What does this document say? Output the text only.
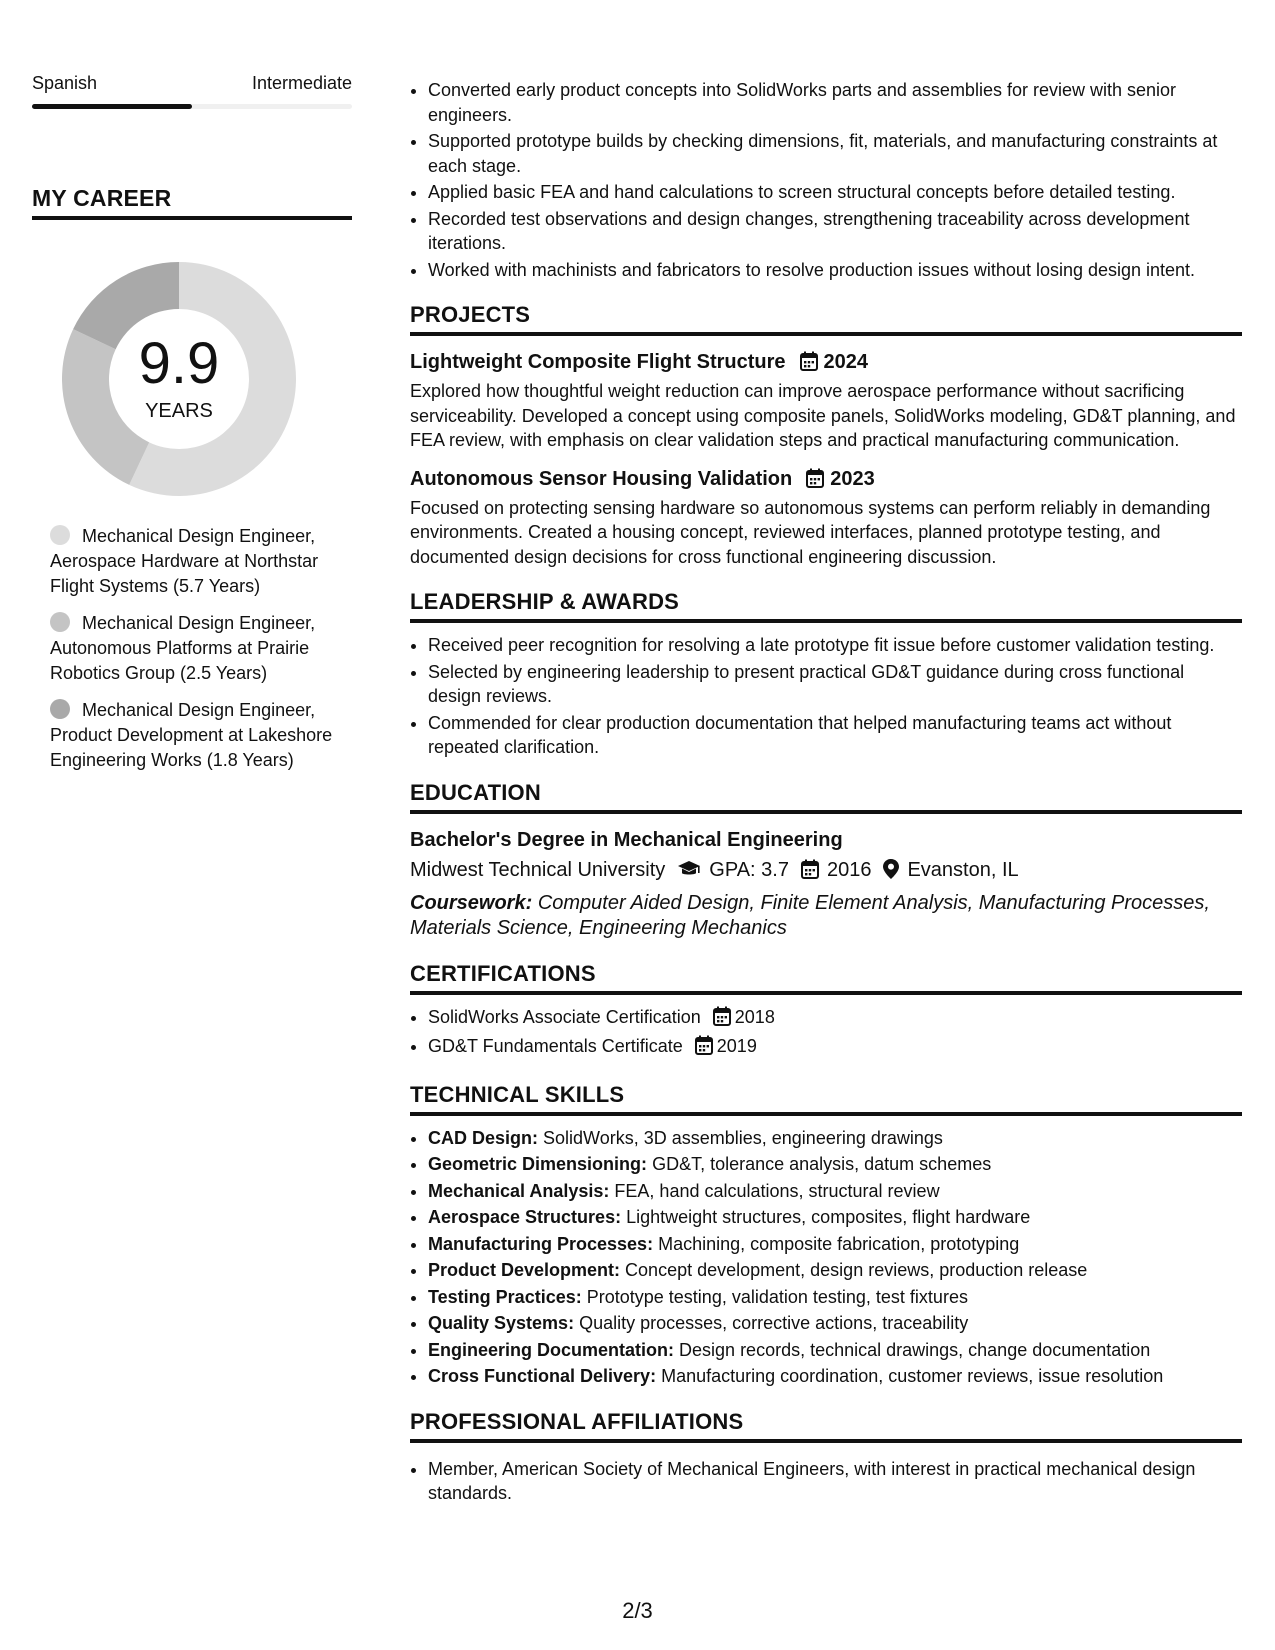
Spanish	Intermediate
MY CAREER
9.9
YEARS
Mechanical Design Engineer, Aerospace Hardware at Northstar Flight Systems (5.7 Years)
Mechanical Design Engineer, Autonomous Platforms at Prairie Robotics Group (2.5 Years)
Mechanical Design Engineer, Product Development at Lakeshore Engineering Works (1.8 Years)
• Converted early product concepts into SolidWorks parts and assemblies for review with senior engineers.
• Supported prototype builds by checking dimensions, fit, materials, and manufacturing constraints at each stage.
• Applied basic FEA and hand calculations to screen structural concepts before detailed testing.
• Recorded test observations and design changes, strengthening traceability across development iterations.
• Worked with machinists and fabricators to resolve production issues without losing design intent.
PROJECTS
Lightweight Composite Flight Structure 2024
Explored how thoughtful weight reduction can improve aerospace performance without sacrificing serviceability. Developed a concept using composite panels, SolidWorks modeling, GD&T planning, and FEA review, with emphasis on clear validation steps and practical manufacturing communication.
Autonomous Sensor Housing Validation 2023
Focused on protecting sensing hardware so autonomous systems can perform reliably in demanding environments. Created a housing concept, reviewed interfaces, planned prototype testing, and documented design decisions for cross functional engineering discussion.
LEADERSHIP & AWARDS
• Received peer recognition for resolving a late prototype fit issue before customer validation testing.
• Selected by engineering leadership to present practical GD&T guidance during cross functional design reviews.
• Commended for clear production documentation that helped manufacturing teams act without repeated clarification.
EDUCATION
Bachelor's Degree in Mechanical Engineering
Midwest Technical University GPA: 3.7 2016 Evanston, IL
Coursework: Computer Aided Design, Finite Element Analysis, Manufacturing Processes, Materials Science, Engineering Mechanics
CERTIFICATIONS
• SolidWorks Associate Certification 2018
• GD&T Fundamentals Certificate 2019
TECHNICAL SKILLS
• CAD Design: SolidWorks, 3D assemblies, engineering drawings
• Geometric Dimensioning: GD&T, tolerance analysis, datum schemes
• Mechanical Analysis: FEA, hand calculations, structural review
• Aerospace Structures: Lightweight structures, composites, flight hardware
• Manufacturing Processes: Machining, composite fabrication, prototyping
• Product Development: Concept development, design reviews, production release
• Testing Practices: Prototype testing, validation testing, test fixtures
• Quality Systems: Quality processes, corrective actions, traceability
• Engineering Documentation: Design records, technical drawings, change documentation
• Cross Functional Delivery: Manufacturing coordination, customer reviews, issue resolution
PROFESSIONAL AFFILIATIONS
• Member, American Society of Mechanical Engineers, with interest in practical mechanical design standards.
2/3
